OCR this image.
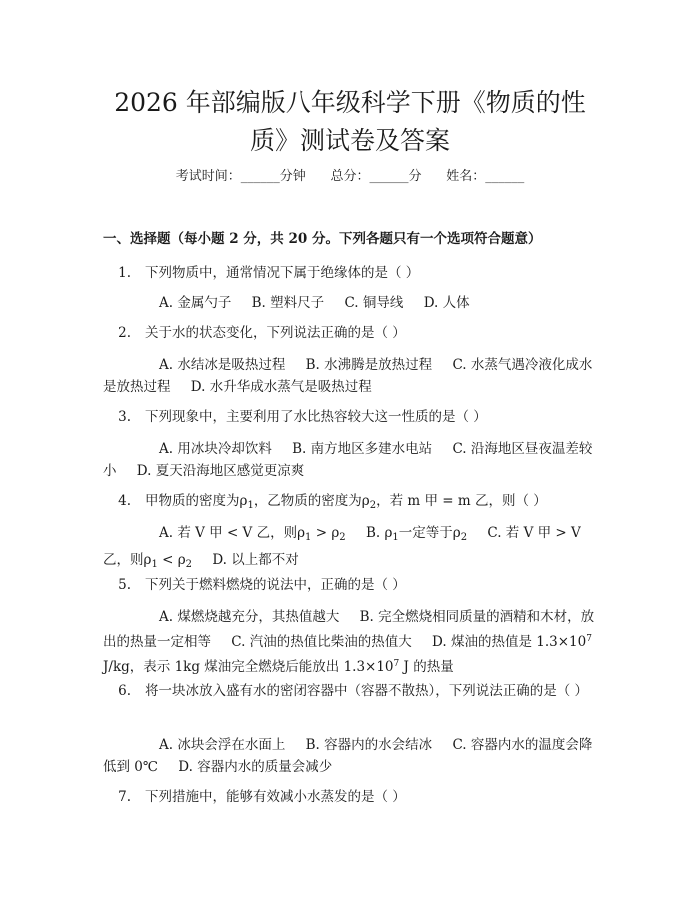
2026 年部编版八年级科学下册《物质的性
质》测试卷及答案
考试时间：______分钟      总分：______分      姓名：______
一、选择题（每小题 2 分，共 20 分。下列各题只有一个选项符合题意）
1. 下列物质中，通常情况下属于绝缘体的是（ ）
A. 金属勺子 B. 塑料尺子 C. 铜导线 D. 人体
2. 关于水的状态变化，下列说法正确的是（ ）
A. 水结冰是吸热过程 B. 水沸腾是放热过程 C. 水蒸气遇冷液化成水是放热过程 D. 水升华成水蒸气是吸热过程
3. 下列现象中，主要利用了水比热容较大这一性质的是（ ）
A. 用冰块冷却饮料 B. 南方地区多建水电站 C. 沿海地区昼夜温差较小 D. 夏天沿海地区感觉更凉爽
4. 甲物质的密度为$\rho_1$，乙物质的密度为$\rho_2$，若 m 甲 = m 乙，则（ ）
A. 若 V 甲 < V 乙，则$\rho_1 > \rho_2$ B. $\rho_1$一定等于$\rho_2$ C. 若 V 甲 > V 乙，则$\rho_1 < \rho_2$ D. 以上都不对
5. 下列关于燃料燃烧的说法中，正确的是（ ）
A. 煤燃烧越充分，其热值越大 B. 完全燃烧相同质量的酒精和木材，放出的热量一定相等 C. 汽油的热值比柴油的热值大 D. 煤油的热值是 $1.3\times 10^7$ J/kg，表示 1kg 煤油完全燃烧后能放出 $1.3\times 10^7$ J 的热量
6. 将一块冰放入盛有水的密闭容器中（容器不散热），下列说法正确的是（ ）
A. 冰块会浮在水面上 B. 容器内的水会结冰 C. 容器内水的温度会降低到 0℃ D. 容器内水的质量会减少
7. 下列措施中，能够有效减小水蒸发的是（ ）
